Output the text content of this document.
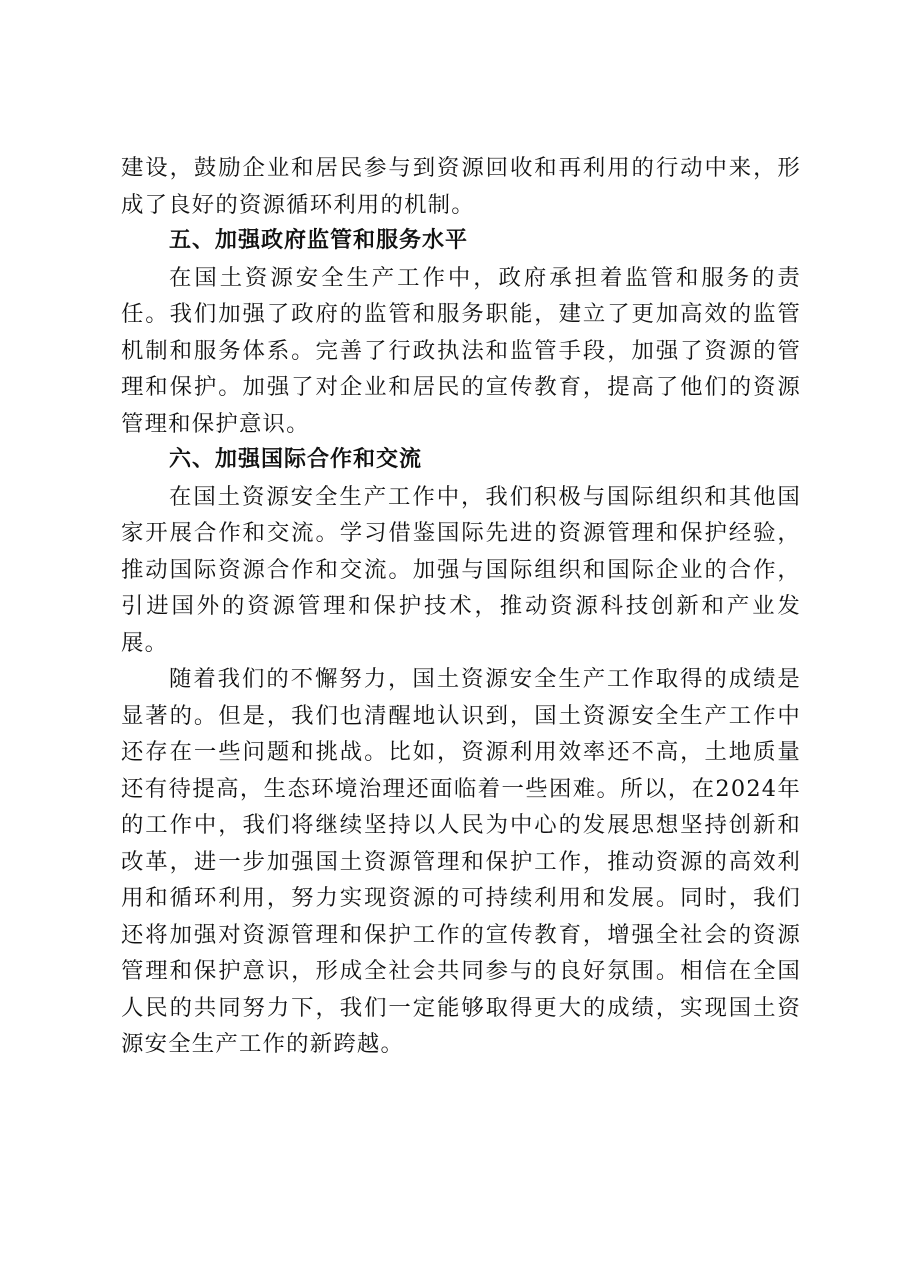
建设，鼓励企业和居民参与到资源回收和再利用的行动中来，形成了良好的资源循环利用的机制。

五、加强政府监管和服务水平

在国土资源安全生产工作中，政府承担着监管和服务的责任。我们加强了政府的监管和服务职能，建立了更加高效的监管机制和服务体系。完善了行政执法和监管手段，加强了资源的管理和保护。加强了对企业和居民的宣传教育，提高了他们的资源管理和保护意识。

六、加强国际合作和交流

在国土资源安全生产工作中，我们积极与国际组织和其他国家开展合作和交流。学习借鉴国际先进的资源管理和保护经验，推动国际资源合作和交流。加强与国际组织和国际企业的合作，引进国外的资源管理和保护技术，推动资源科技创新和产业发展。

随着我们的不懈努力，国土资源安全生产工作取得的成绩是显著的。但是，我们也清醒地认识到，国土资源安全生产工作中还存在一些问题和挑战。比如，资源利用效率还不高，土地质量还有待提高，生态环境治理还面临着一些困难。所以，在2024年的工作中，我们将继续坚持以人民为中心的发展思想坚持创新和改革，进一步加强国土资源管理和保护工作，推动资源的高效利用和循环利用，努力实现资源的可持续利用和发展。同时，我们还将加强对资源管理和保护工作的宣传教育，增强全社会的资源管理和保护意识，形成全社会共同参与的良好氛围。相信在全国人民的共同努力下，我们一定能够取得更大的成绩，实现国土资源安全生产工作的新跨越。
